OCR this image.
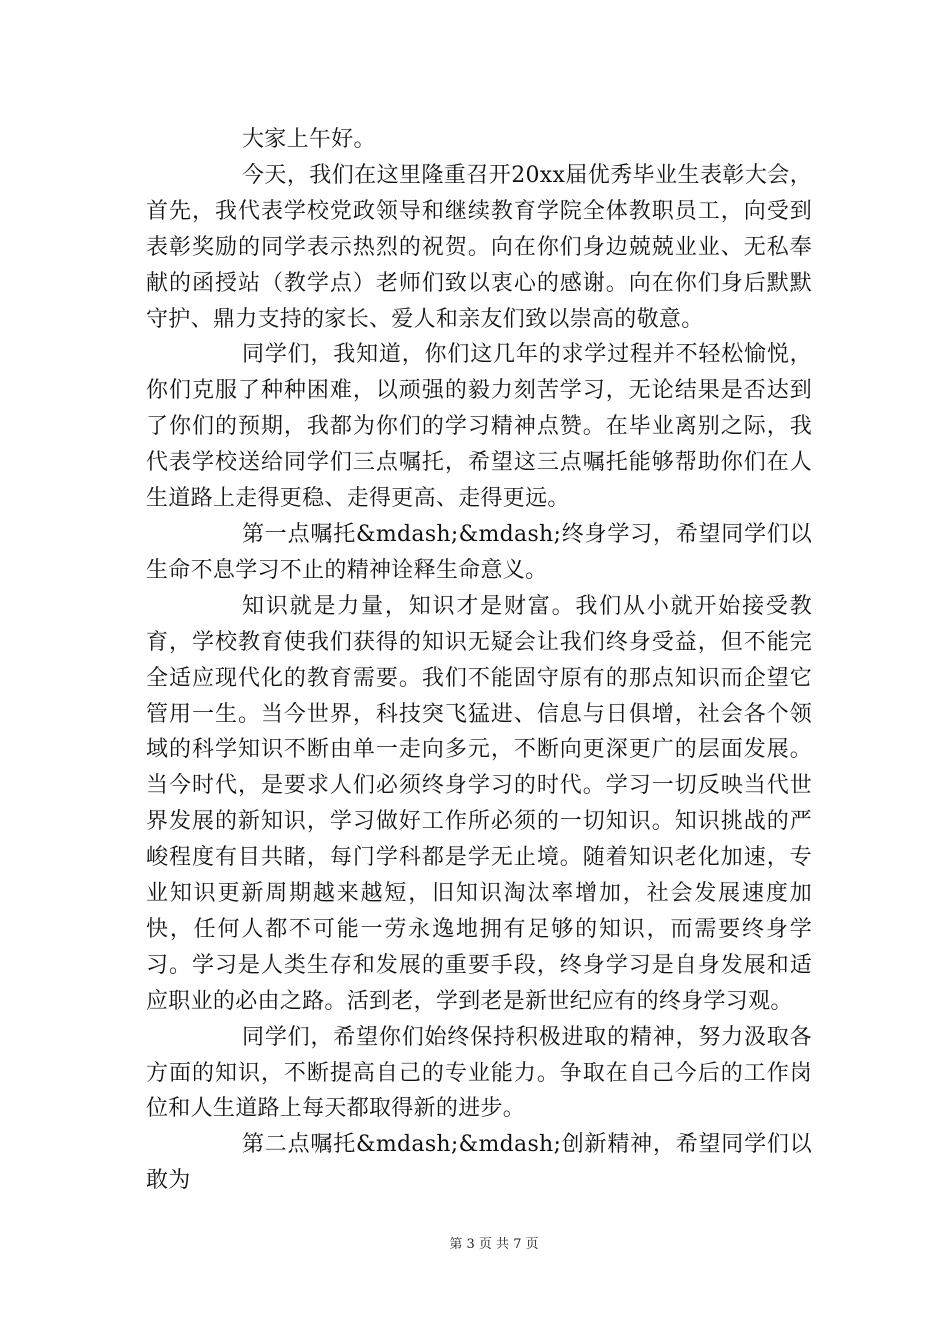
大家上午好。

今天，我们在这里隆重召开20xx届优秀毕业生表彰大会，首先，我代表学校党政领导和继续教育学院全体教职员工，向受到表彰奖励的同学表示热烈的祝贺。向在你们身边兢兢业业、无私奉献的函授站（教学点）老师们致以衷心的感谢。向在你们身后默默守护、鼎力支持的家长、爱人和亲友们致以崇高的敬意。

同学们，我知道，你们这几年的求学过程并不轻松愉悦，你们克服了种种困难，以顽强的毅力刻苦学习，无论结果是否达到了你们的预期，我都为你们的学习精神点赞。在毕业离别之际，我代表学校送给同学们三点嘱托，希望这三点嘱托能够帮助你们在人生道路上走得更稳、走得更高、走得更远。

第一点嘱托&mdash;&mdash;终身学习，希望同学们以生命不息学习不止的精神诠释生命意义。

知识就是力量，知识才是财富。我们从小就开始接受教育，学校教育使我们获得的知识无疑会让我们终身受益，但不能完全适应现代化的教育需要。我们不能固守原有的那点知识而企望它管用一生。当今世界，科技突飞猛进、信息与日俱增，社会各个领域的科学知识不断由单一走向多元，不断向更深更广的层面发展。当今时代，是要求人们必须终身学习的时代。学习一切反映当代世界发展的新知识，学习做好工作所必须的一切知识。知识挑战的严峻程度有目共睹，每门学科都是学无止境。随着知识老化加速，专业知识更新周期越来越短，旧知识淘汰率增加，社会发展速度加快，任何人都不可能一劳永逸地拥有足够的知识，而需要终身学习。学习是人类生存和发展的重要手段，终身学习是自身发展和适应职业的必由之路。活到老，学到老是新世纪应有的终身学习观。

同学们，希望你们始终保持积极进取的精神，努力汲取各方面的知识，不断提高自己的专业能力。争取在自己今后的工作岗位和人生道路上每天都取得新的进步。

第二点嘱托&mdash;&mdash;创新精神，希望同学们以敢为

第 3 页 共 7 页
